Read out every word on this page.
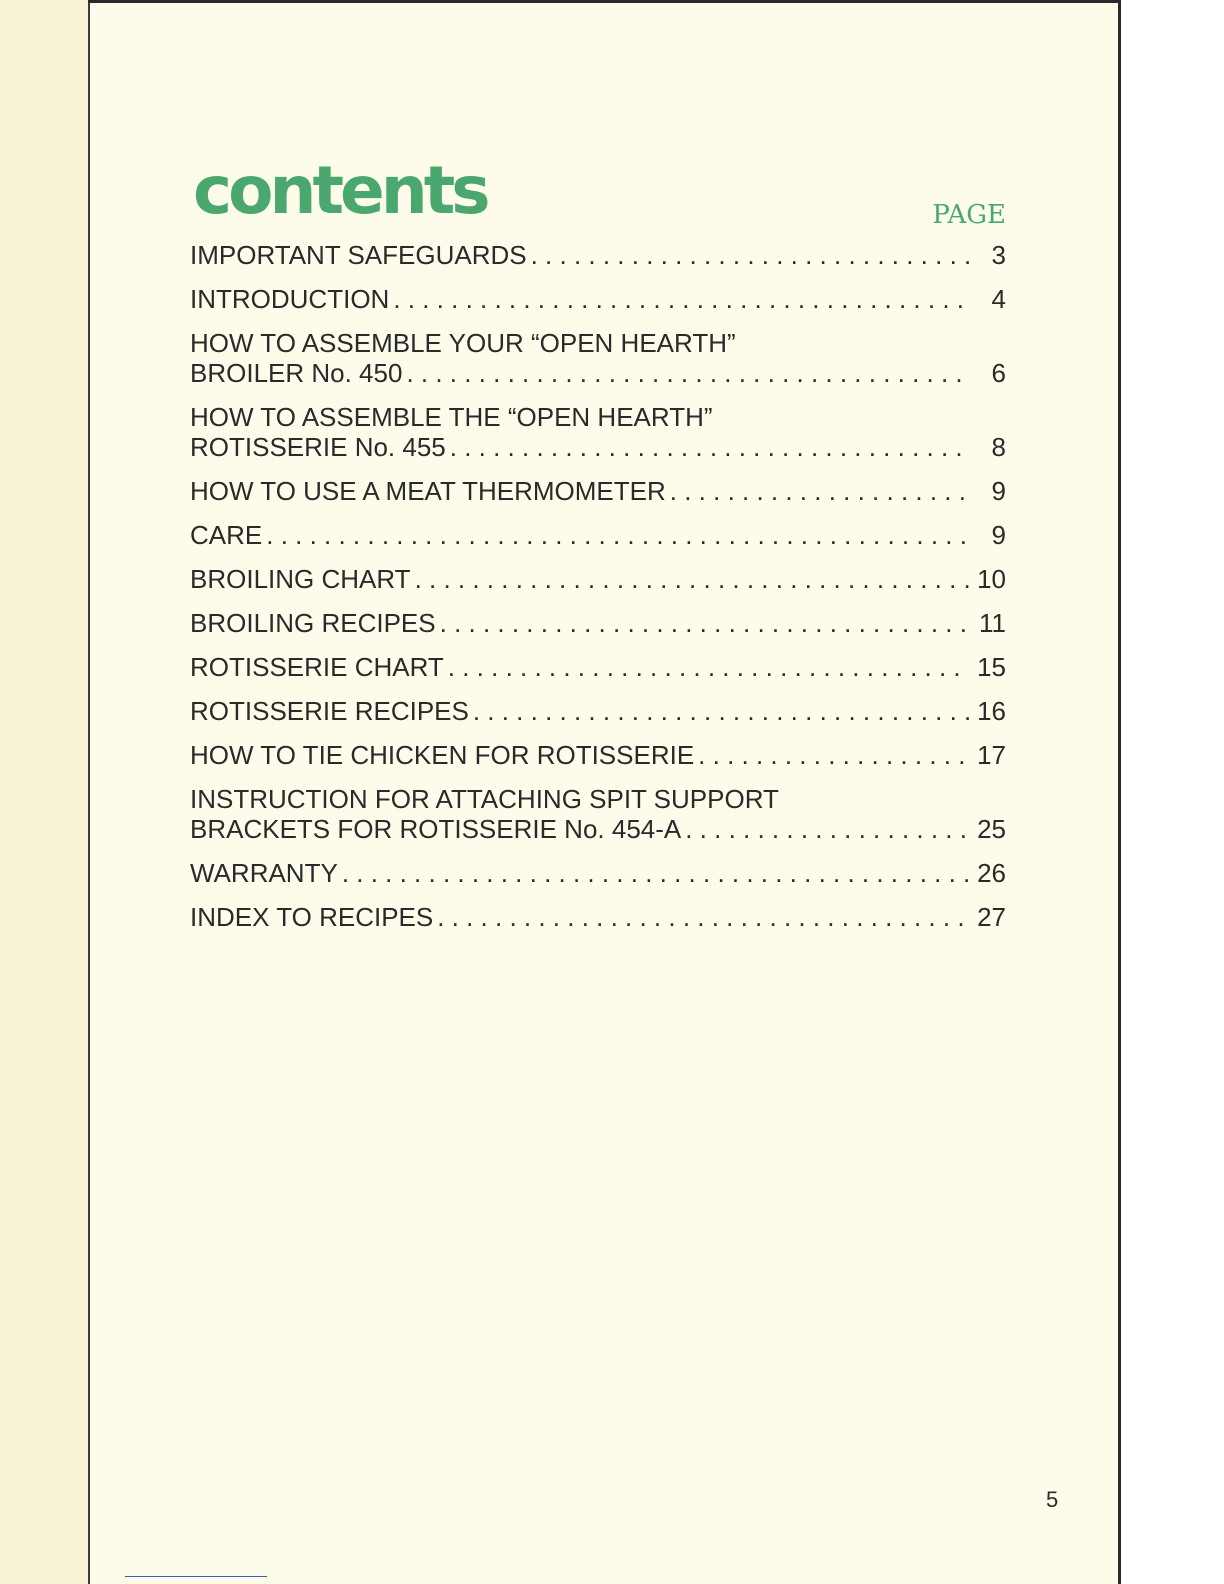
contents	PAGE
IMPORTANT SAFEGUARDS . . .	3
INTRODUCTION . . .	4
HOW TO ASSEMBLE YOUR “OPEN HEARTH”
BROILER No. 450 . . .	6
HOW TO ASSEMBLE THE “OPEN HEARTH”
ROTISSERIE No. 455 . . .	8
HOW TO USE A MEAT THERMOMETER . . .	9
CARE . . .	9
BROILING CHART . . .	10
BROILING RECIPES . . .	11
ROTISSERIE CHART . . .	15
ROTISSERIE RECIPES . . .	16
HOW TO TIE CHICKEN FOR ROTISSERIE . . .	17
INSTRUCTION FOR ATTACHING SPIT SUPPORT
BRACKETS FOR ROTISSERIE No. 454-A . . .	25
WARRANTY . . .	26
INDEX TO RECIPES . . .	27
5
